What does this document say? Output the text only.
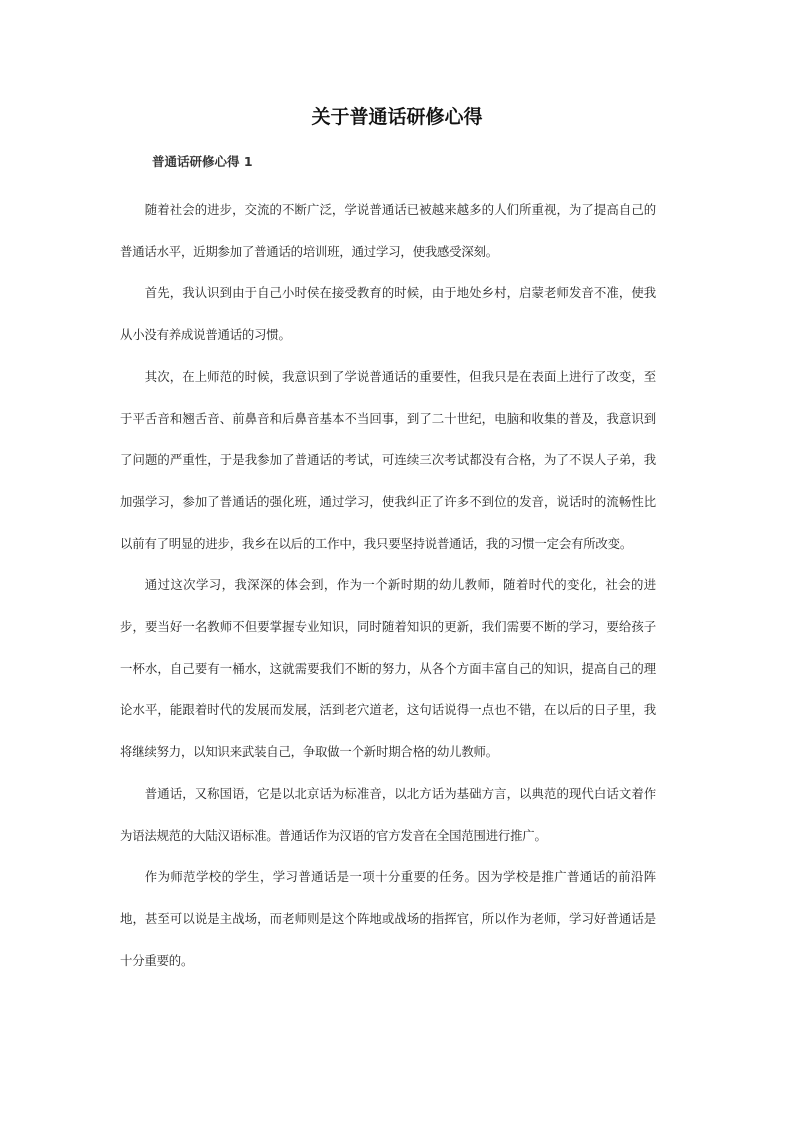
关于普通话研修心得
普通话研修心得 1

随着社会的进步，交流的不断广泛，学说普通话已被越来越多的人们所重视，为了提高自己的普通话水平，近期参加了普通话的培训班，通过学习，使我感受深刻。

首先，我认识到由于自己小时侯在接受教育的时候，由于地处乡村，启蒙老师发音不准，使我从小没有养成说普通话的习惯。

其次，在上师范的时候，我意识到了学说普通话的重要性，但我只是在表面上进行了改变，至于平舌音和翘舌音、前鼻音和后鼻音基本不当回事，到了二十世纪，电脑和收集的普及，我意识到了问题的严重性，于是我参加了普通话的考试，可连续三次考试都没有合格，为了不误人子弟，我加强学习，参加了普通话的强化班，通过学习，使我纠正了许多不到位的发音，说话时的流畅性比以前有了明显的进步，我乡在以后的工作中，我只要坚持说普通话，我的习惯一定会有所改变。

通过这次学习，我深深的体会到，作为一个新时期的幼儿教师，随着时代的变化，社会的进步，要当好一名教师不但要掌握专业知识，同时随着知识的更新，我们需要不断的学习，要给孩子一杯水，自己要有一桶水，这就需要我们不断的努力，从各个方面丰富自己的知识，提高自己的理论水平，能跟着时代的发展而发展，活到老穴道老，这句话说得一点也不错，在以后的日子里，我将继续努力，以知识来武装自己，争取做一个新时期合格的幼儿教师。

普通话，又称国语，它是以北京话为标准音，以北方话为基础方言，以典范的现代白话文着作为语法规范的大陆汉语标准。普通话作为汉语的官方发音在全国范围进行推广。

作为师范学校的学生，学习普通话是一项十分重要的任务。因为学校是推广普通话的前沿阵地，甚至可以说是主战场，而老师则是这个阵地或战场的指挥官，所以作为老师，学习好普通话是十分重要的。
